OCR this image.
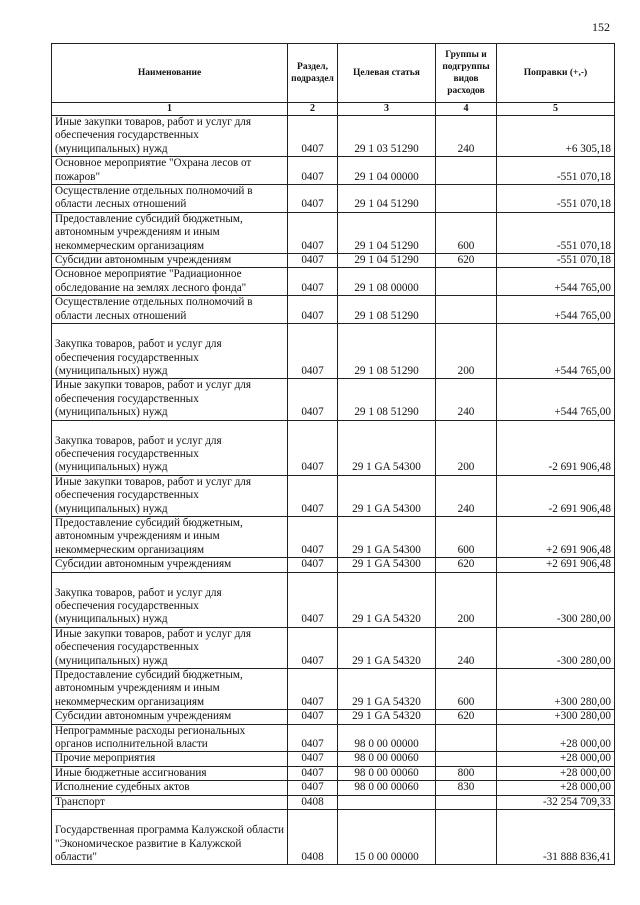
152
Наименование	Раздел, подраздел	Целевая статья	Группы и подгруппы видов расходов	Поправки (+,-)
1	2	3	4	5
Иные закупки товаров, работ и услуг для обеспечения государственных (муниципальных) нужд	0407	29 1 03 51290	240	+6 305,18
Основное мероприятие "Охрана лесов от пожаров"	0407	29 1 04 00000		-551 070,18
Осуществление отдельных полномочий в области лесных отношений	0407	29 1 04 51290		-551 070,18
Предоставление субсидий бюджетным, автономным учреждениям и иным некоммерческим организациям	0407	29 1 04 51290	600	-551 070,18
Субсидии автономным учреждениям	0407	29 1 04 51290	620	-551 070,18
Основное мероприятие "Радиационное обследование на землях лесного фонда"	0407	29 1 08 00000		+544 765,00
Осуществление отдельных полномочий в области лесных отношений	0407	29 1 08 51290		+544 765,00
Закупка товаров, работ и услуг для обеспечения государственных (муниципальных) нужд	0407	29 1 08 51290	200	+544 765,00
Иные закупки товаров, работ и услуг для обеспечения государственных (муниципальных) нужд	0407	29 1 08 51290	240	+544 765,00
Закупка товаров, работ и услуг для обеспечения государственных (муниципальных) нужд	0407	29 1 GA 54300	200	-2 691 906,48
Иные закупки товаров, работ и услуг для обеспечения государственных (муниципальных) нужд	0407	29 1 GA 54300	240	-2 691 906,48
Предоставление субсидий бюджетным, автономным учреждениям и иным некоммерческим организациям	0407	29 1 GA 54300	600	+2 691 906,48
Субсидии автономным учреждениям	0407	29 1 GA 54300	620	+2 691 906,48
Закупка товаров, работ и услуг для обеспечения государственных (муниципальных) нужд	0407	29 1 GA 54320	200	-300 280,00
Иные закупки товаров, работ и услуг для обеспечения государственных (муниципальных) нужд	0407	29 1 GA 54320	240	-300 280,00
Предоставление субсидий бюджетным, автономным учреждениям и иным некоммерческим организациям	0407	29 1 GA 54320	600	+300 280,00
Субсидии автономным учреждениям	0407	29 1 GA 54320	620	+300 280,00
Непрограммные расходы региональных органов исполнительной власти	0407	98 0 00 00000		+28 000,00
Прочие мероприятия	0407	98 0 00 00060		+28 000,00
Иные бюджетные ассигнования	0407	98 0 00 00060	800	+28 000,00
Исполнение судебных актов	0407	98 0 00 00060	830	+28 000,00
Транспорт	0408			-32 254 709,33
Государственная программа Калужской области "Экономическое развитие в Калужской области"	0408	15 0 00 00000		-31 888 836,41
